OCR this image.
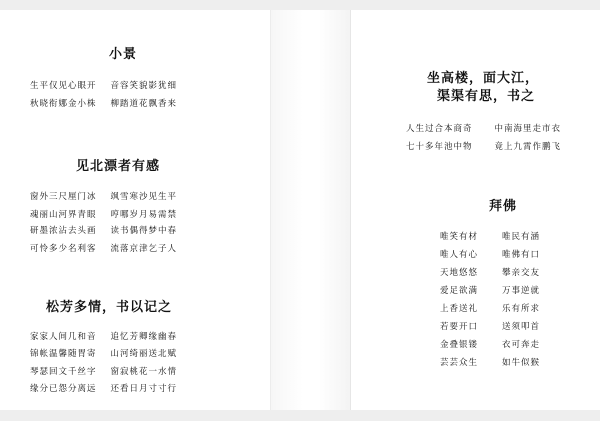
小景
生平仅见心眼开 音容笑貌影犹细
秋晓衔娜金小株 柳踏道花飘香来
见北漂者有感
窗外三尺厘门冰 飒雪寒沙见生平
魂丽山河界青眼 哼哪岁月易需禁
研墨浓沾去头画 读书偶得梦中春
可怜多少名利客 流落京津乞子人
松芳多情，书以记之
家家人间几和音 追忆芳卿缘幽春
锦帐温馨随胃寄 山河绮丽送北赋
琴瑟回文千丝字 窗寂桃花一水情
缘分已怨分离远 还看日月寸寸行
坐高楼，面大江，
渠渠有思，书之
人生过合本商奇	中南海里走市衣
七十多年池中物	竟上九霄作鹏飞
拜佛
唯笑有材	唯民有涵
唯人有心	唯佛有口
天地悠悠	攀亲交友
爱足欲满	万事逆就
上香送礼	乐有所求
若要开口	送须叩首
金叠银镂	衣可奔走
芸芸众生	如牛似猴
